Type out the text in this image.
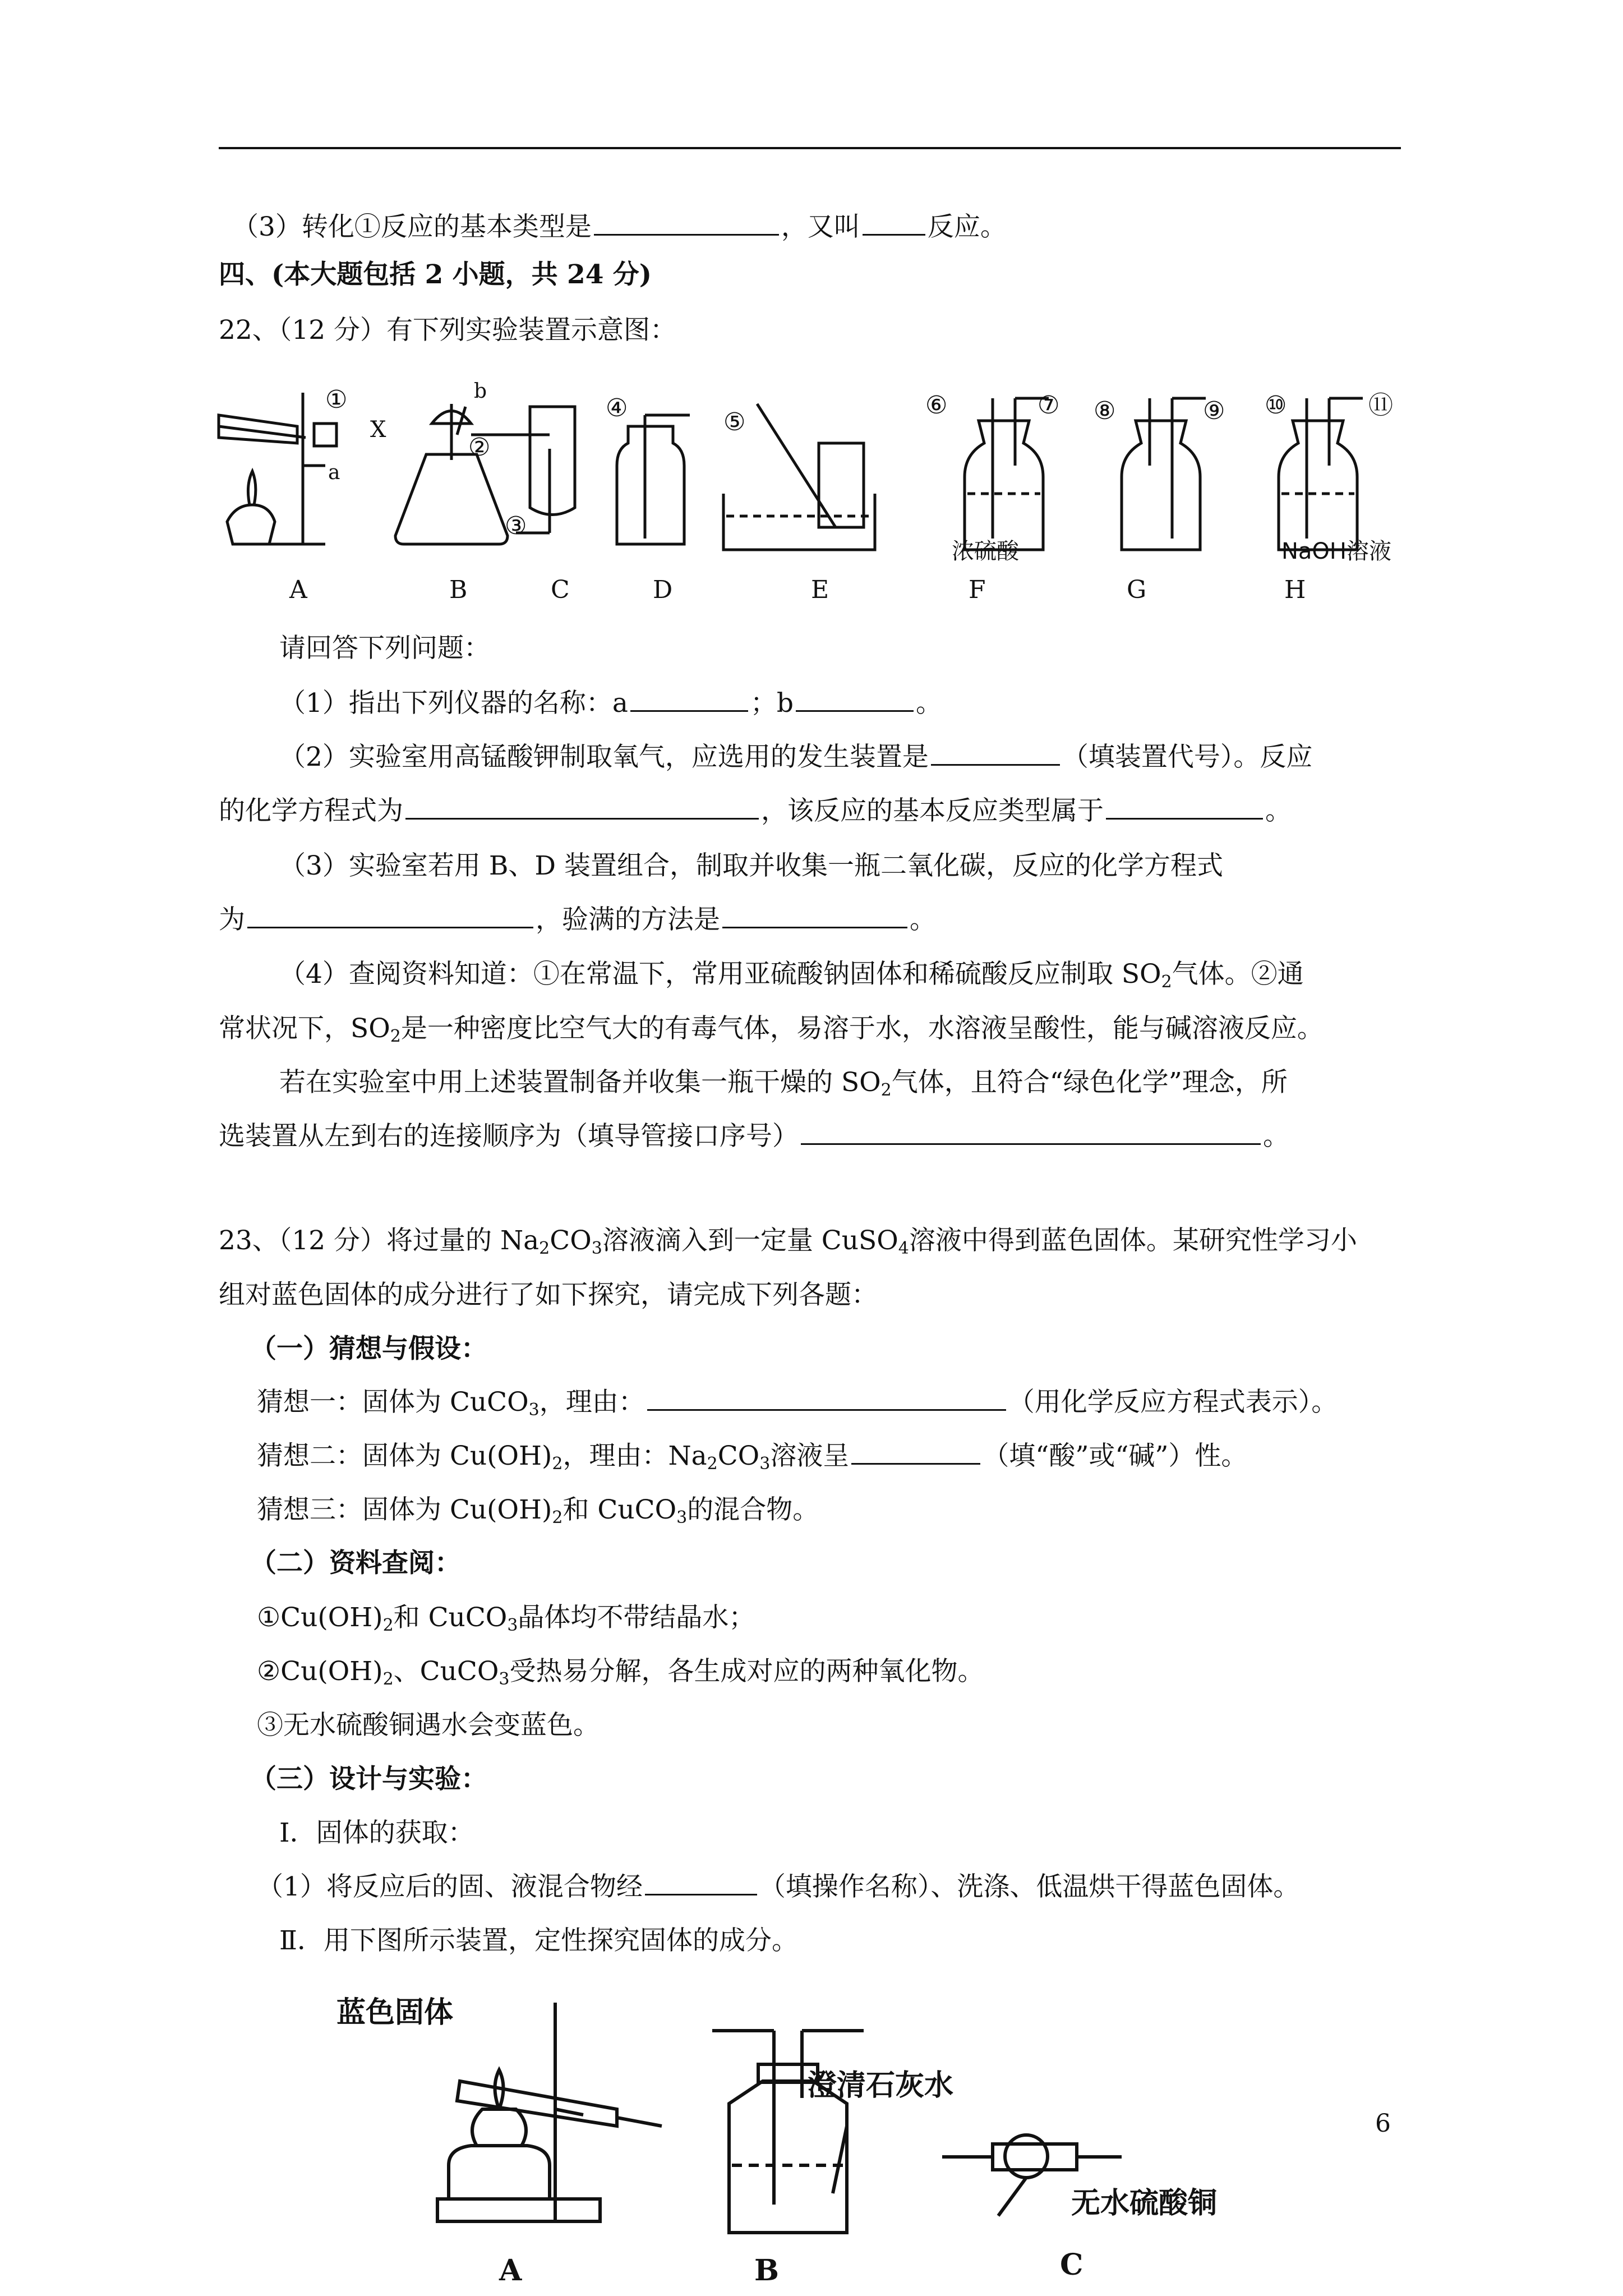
（3）转化①反应的基本类型是	，又叫	反应。
四、(本大题包括 2 小题，共 24 分)
22、（12 分）有下列实验装置示意图：
①
②
③
④	⑤
⑥	⑦ ⑧	⑨ ⑩	⑪
a
b
X
浓硫酸	NaOH溶液
A	B	C	D	E	F	G	H
请回答下列问题：
（1）指出下列仪器的名称：a	；b	。
（2）实验室用高锰酸钾制取氧气，应选用的发生装置是	（填装置代号）。反应
的化学方程式为	，该反应的基本反应类型属于	。
（3）实验室若用 B、D 装置组合，制取并收集一瓶二氧化碳，反应的化学方程式
为	，验满的方法是	。
（4）查阅资料知道：①在常温下，常用亚硫酸钠固体和稀硫酸反应制取 $SO_2$气体。②通
常状况下，$SO_2$是一种密度比空气大的有毒气体，易溶于水，水溶液呈酸性，能与碱溶液反应。
若在实验室中用上述装置制备并收集一瓶干燥的 $SO_2$气体，且符合“绿色化学”理念，所
选装置从左到右的连接顺序为（填导管接口序号）	。
23、（12 分）将过量的 $Na_2CO_3$溶液滴入到一定量 CuSO$_4$溶液中得到蓝色固体。某研究性学习小
组对蓝色固体的成分进行了如下探究，请完成下列各题：
（一）猜想与假设：
猜想一：固体为 CuCO$_3$，理由：	（用化学反应方程式表示）。
猜想二：固体为 $Cu(OH)_2$，理由：$Na_2CO_3$溶液呈	（填“酸”或“碱”）性。
猜想三：固体为 $Cu(OH)_2$和 CuCO$_3$的混合物。
（二）资料查阅：
$①Cu(OH)_2$和 CuCO$_3$晶体均不带结晶水；
$②Cu(OH)_2$、CuCO$_3$受热易分解，各生成对应的两种氧化物。
③无水硫酸铜遇水会变蓝色。
（三）设计与实验：
Ⅰ．固体的获取：
（1）将反应后的固、液混合物经	（填操作名称）、洗涤、低温烘干得蓝色固体。
Ⅱ．用下图所示装置，定性探究固体的成分。
蓝色固体
澄清石灰水
无水硫酸铜
A	B	C
6
